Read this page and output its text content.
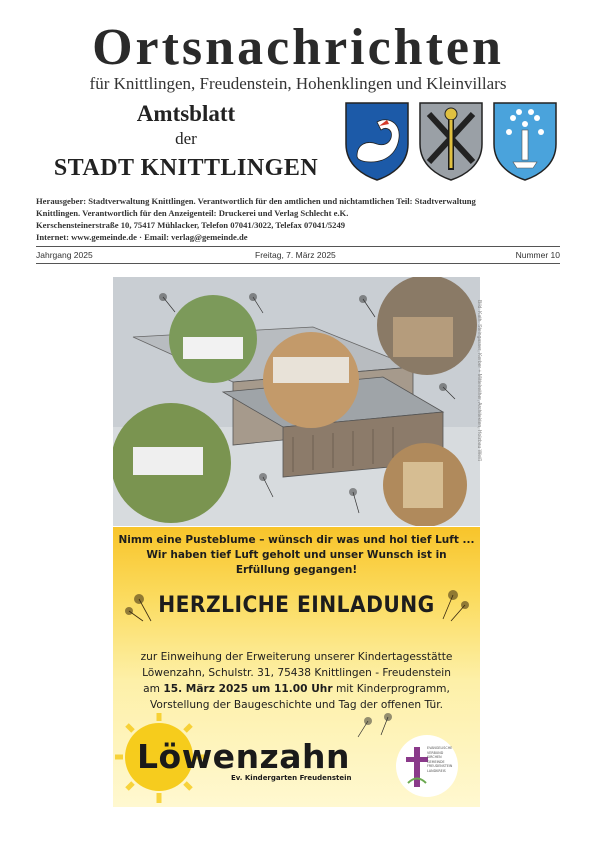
Ortsnachrichten
für Knittlingen, Freudenstein, Hohenklingen und Kleinvillars
Amtsblatt
der
STADT KNITTLINGEN
Herausgeber: Stadtverwaltung Knittlingen. Verantwortlich für den amtlichen und nichtamtlichen Teil: Stadtverwaltung
Knittlingen. Verantwortlich für den Anzeigenteil: Druckerei und Verlag Schlecht e.K.
Kerschensteinerstraße 10, 75417 Mühlacker, Telefon 07041/3022, Telefax 07041/5249
Internet: www.gemeinde.de · Email: verlag@gemeinde.de
Jahrgang 2025	Freitag, 7. März 2025	Nummer 10
Bild: Kath. Steingasser, Kerber + Mittelreither, Architekten, Holzbau Weiß
Nimm eine Pusteblume – wünsch dir was und hol tief Luft ...
Wir haben tief Luft geholt und unser Wunsch ist in
Erfüllung gegangen!
HERZLICHE EINLADUNG
zur Einweihung der Erweiterung unserer Kindertagesstätte
Löwenzahn, Schulstr. 31, 75438 Knittlingen - Freudenstein
am 15. März 2025 um 11.00 Uhr mit Kinderprogramm,
Vorstellung der Baugeschichte und Tag der offenen Tür.
Löwenzahn
Ev. Kindergarten Freudenstein
EVANGELISCHE VERBUND KIRCHEN GEMEINDE FREUDENSTEIN LANDKREIS
